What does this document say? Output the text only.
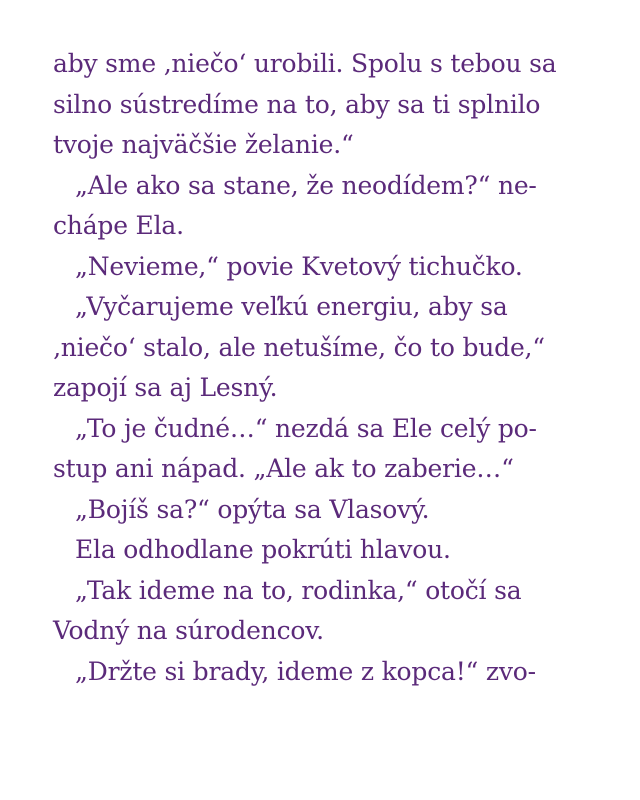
aby sme ‚niečo‘ urobili. Spolu s tebou sa
silno sústredíme na to, aby sa ti splnilo
tvoje najväčšie želanie.“
„Ale ako sa stane, že neodídem?“ ne-
chápe Ela.
„Nevieme,“ povie Kvetový tichučko.
„Vyčarujeme veľkú energiu, aby sa
‚niečo‘ stalo, ale netušíme, čo to bude,“
zapojí sa aj Lesný.
„To je čudné…“ nezdá sa Ele celý po-
stup ani nápad. „Ale ak to zaberie…“
„Bojíš sa?“ opýta sa Vlasový.
Ela odhodlane pokrúti hlavou.
„Tak ideme na to, rodinka,“ otočí sa
Vodný na súrodencov.
„Držte si brady, ideme z kopca!“ zvo-
